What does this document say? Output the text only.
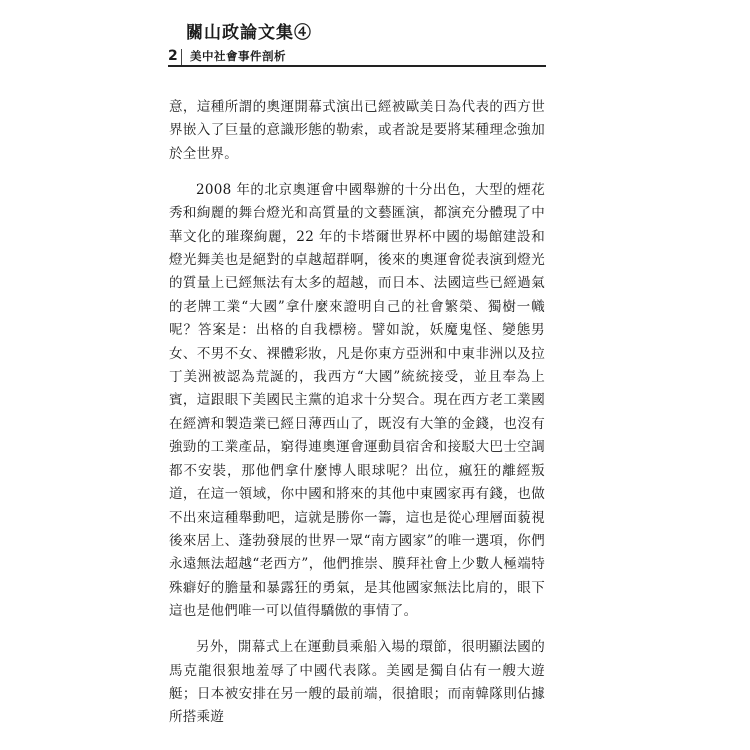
關山政論文集④
2 美中社會事件剖析

意，這種所謂的奧運開幕式演出已經被歐美日為代表的西方世界嵌入了巨量的意識形態的勒索，或者說是要將某種理念強加於全世界。

2008 年的北京奧運會中國舉辦的十分出色，大型的煙花秀和絢麗的舞台燈光和高質量的文藝匯演，都演充分體現了中華文化的璀璨絢麗，22 年的卡塔爾世界杯中國的場館建設和燈光舞美也是絕對的卓越超群啊，後來的奧運會從表演到燈光的質量上已經無法有太多的超越，而日本、法國這些已經過氣的老牌工業“大國”拿什麼來證明自己的社會繁榮、獨樹一幟呢？答案是：出格的自我標榜。譬如說，妖魔鬼怪、變態男女、不男不女、裸體彩妝，凡是你東方亞洲和中東非洲以及拉丁美洲被認為荒誕的，我西方“大國”統統接受，並且奉為上賓，這跟眼下美國民主黨的追求十分契合。現在西方老工業國在經濟和製造業已經日薄西山了，既沒有大筆的金錢，也沒有強勁的工業產品，窮得連奧運會運動員宿舍和接駁大巴士空調都不安裝，那他們拿什麼博人眼球呢？出位，瘋狂的離經叛道，在這一領域，你中國和將來的其他中東國家再有錢，也做不出來這種舉動吧，這就是勝你一籌，這也是從心理層面藐視後來居上、蓬勃發展的世界一眾“南方國家”的唯一選項，你們永遠無法超越“老西方”，他們推崇、膜拜社會上少數人極端特殊癖好的膽量和暴露狂的勇氣，是其他國家無法比肩的，眼下這也是他們唯一可以值得驕傲的事情了。

另外，開幕式上在運動員乘船入場的環節，很明顯法國的馬克龍很狠地羞辱了中國代表隊。美國是獨自佔有一艘大遊艇；日本被安排在另一艘的最前端，很搶眼；而南韓隊則佔據所搭乘遊
